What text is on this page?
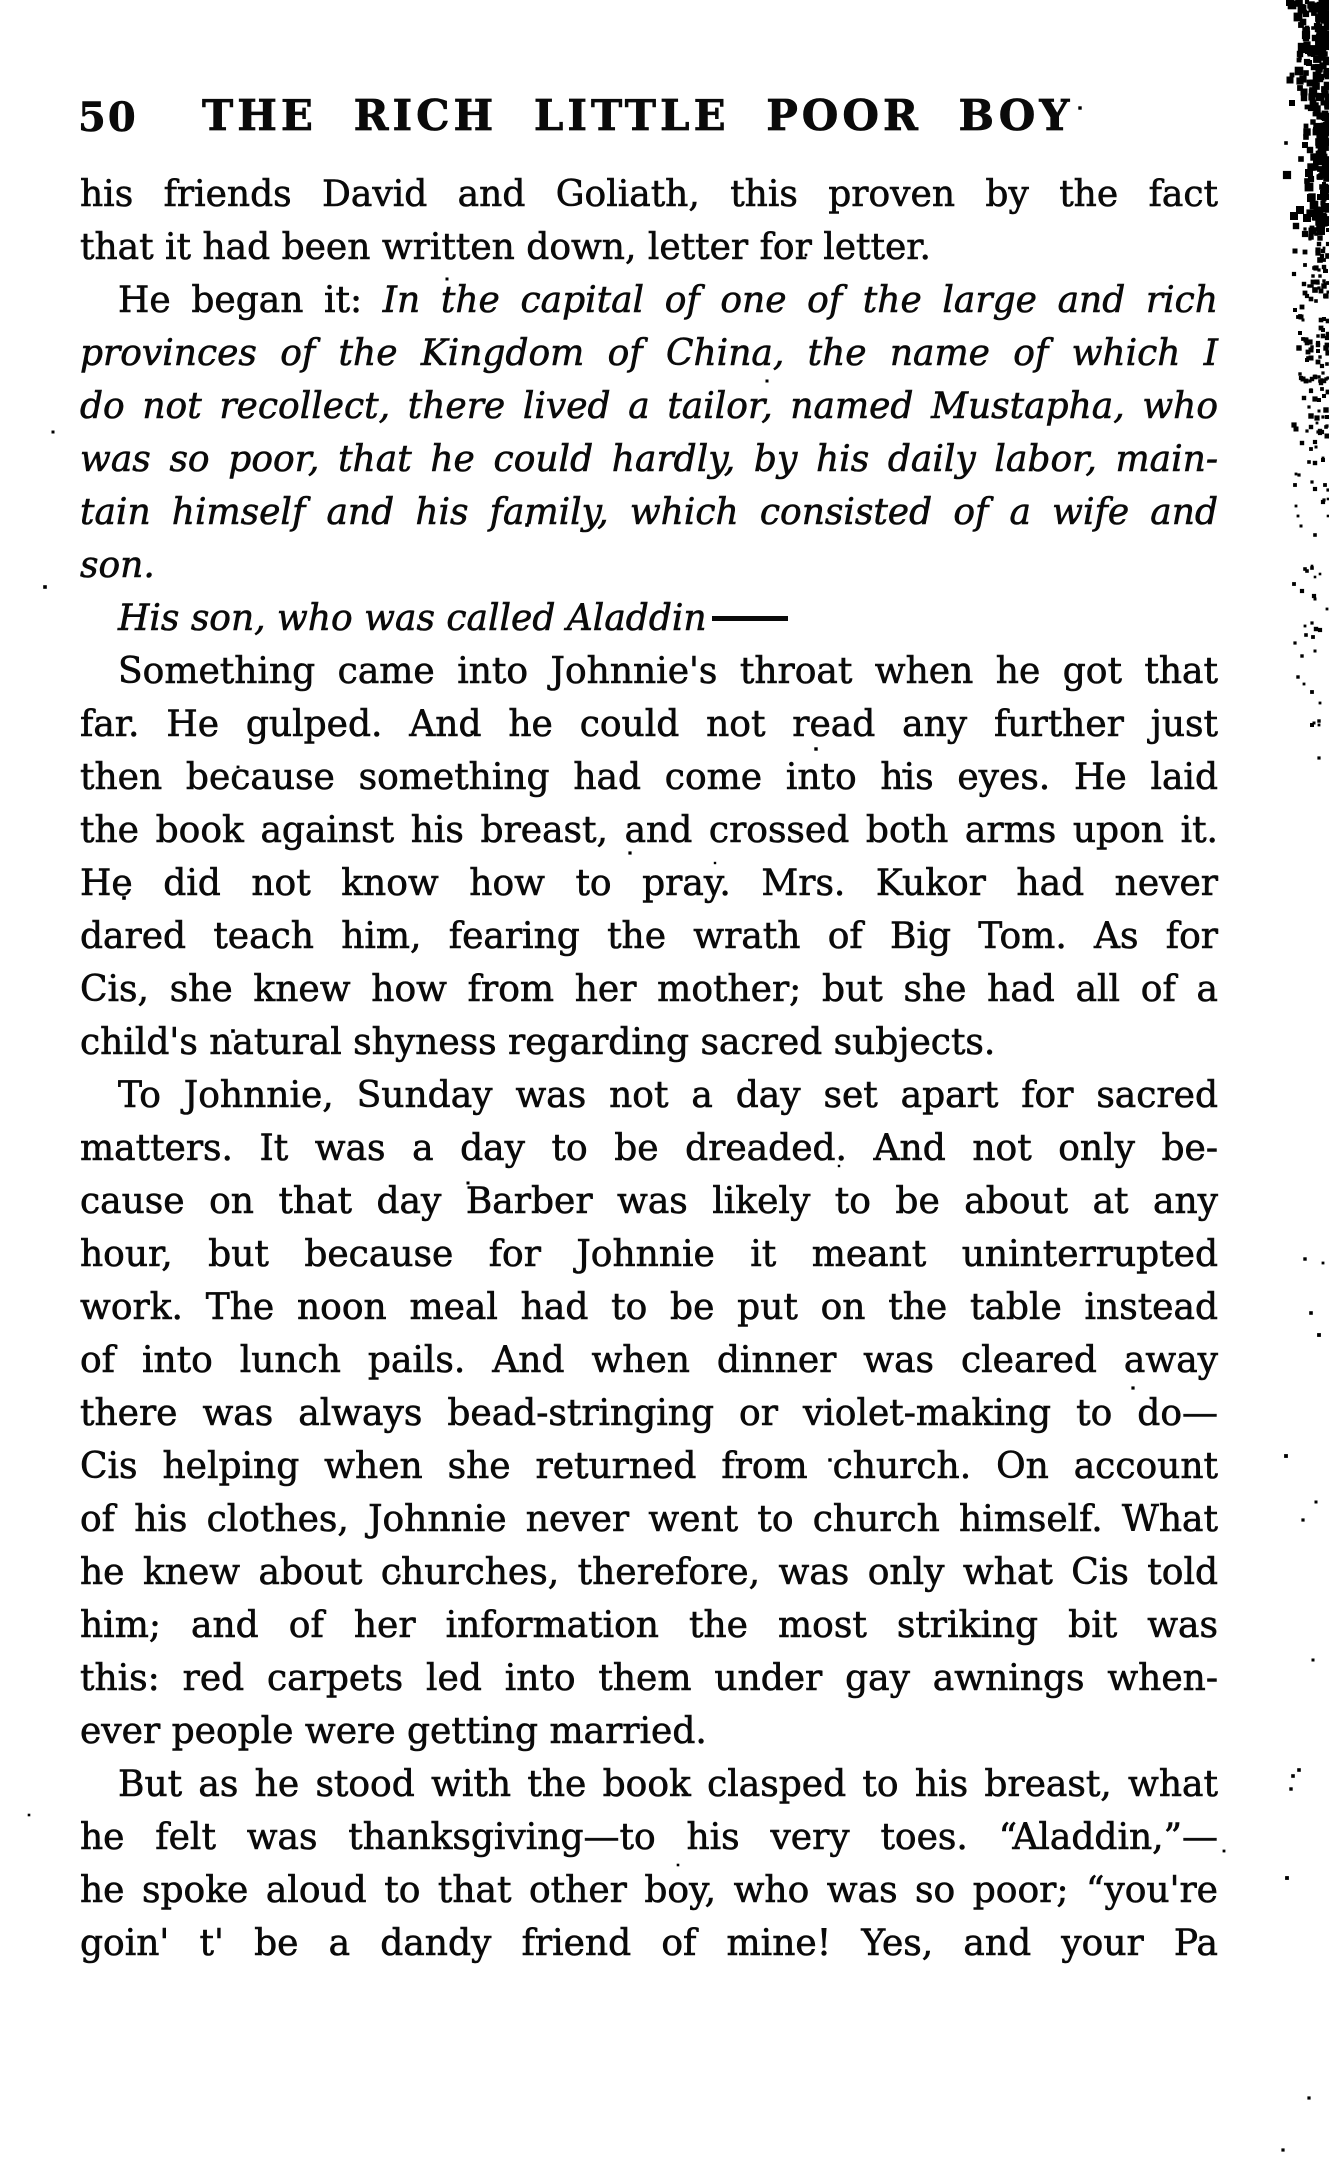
50 THE RICH LITTLE POOR BOY
his friends David and Goliath, this proven by the fact
that it had been written down, letter for letter.
He began it: In the capital of one of the large and rich
provinces of the Kingdom of China, the name of which I
do not recollect, there lived a tailor, named Mustapha, who
was so poor, that he could hardly, by his daily labor, main-
tain himself and his family, which consisted of a wife and
son.
His son, who was called Aladdin
Something came into Johnnie's throat when he got that
far. He gulped. And he could not read any further just
then because something had come into his eyes. He laid
the book against his breast, and crossed both arms upon it.
He did not know how to pray. Mrs. Kukor had never
dared teach him, fearing the wrath of Big Tom. As for
Cis, she knew how from her mother; but she had all of a
child's natural shyness regarding sacred subjects.
To Johnnie, Sunday was not a day set apart for sacred
matters. It was a day to be dreaded. And not only be-
cause on that day Barber was likely to be about at any
hour, but because for Johnnie it meant uninterrupted
work. The noon meal had to be put on the table instead
of into lunch pails. And when dinner was cleared away
there was always bead-stringing or violet-making to do—
Cis helping when she returned from church. On account
of his clothes, Johnnie never went to church himself. What
he knew about churches, therefore, was only what Cis told
him; and of her information the most striking bit was
this: red carpets led into them under gay awnings when-
ever people were getting married.
But as he stood with the book clasped to his breast, what
he felt was thanksgiving—to his very toes. “Aladdin,”—
he spoke aloud to that other boy, who was so poor; “you're
goin' t' be a dandy friend of mine! Yes, and your Pa
